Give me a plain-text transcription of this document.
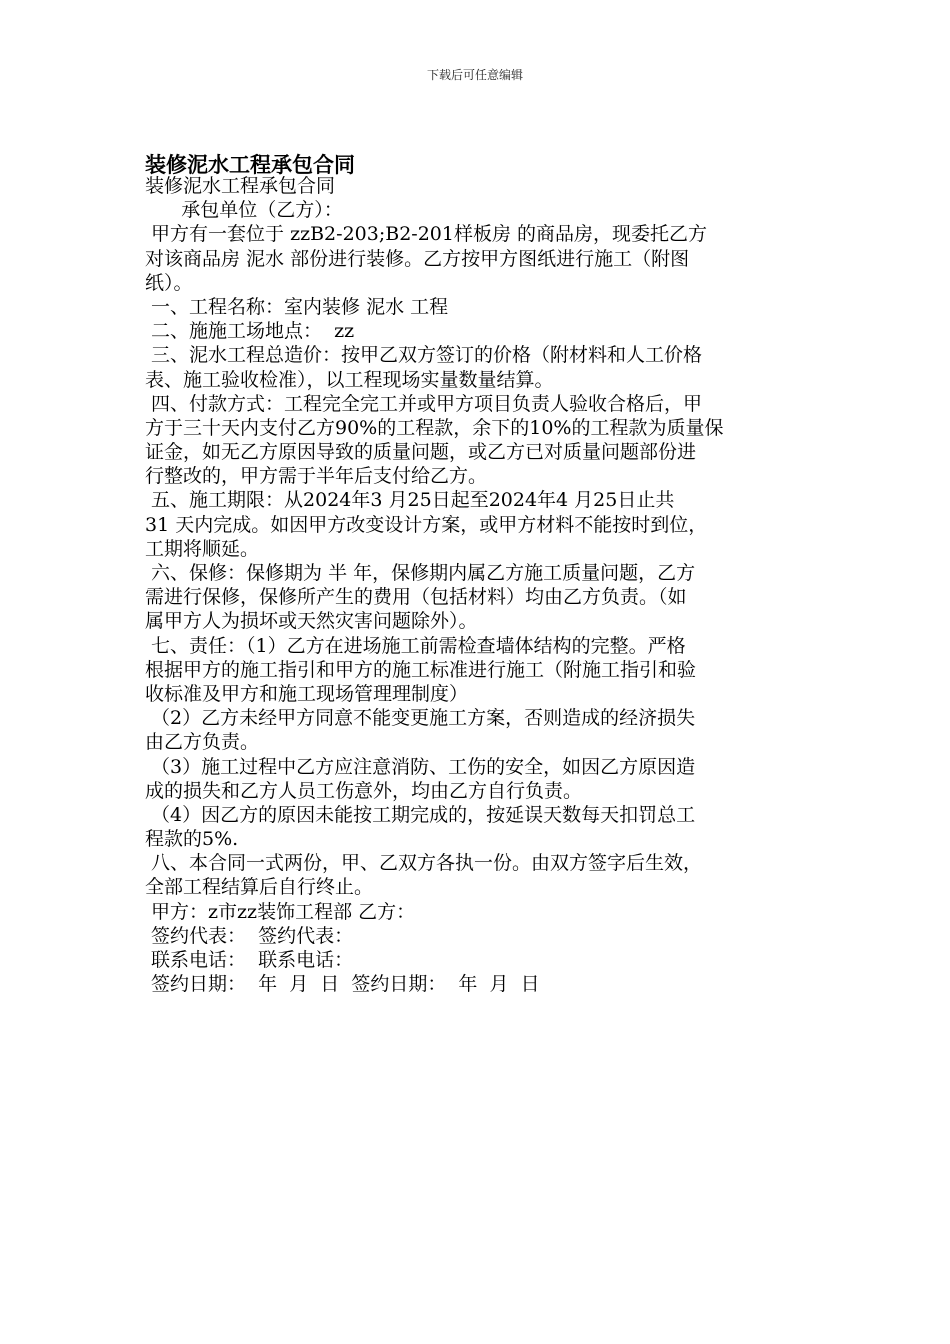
下载后可任意编辑
装修泥水工程承包合同
装修泥水工程承包合同
承包单位（乙方）：
甲方有一套位于 zzB2-203;B2-201样板房 的商品房，现委托乙方
对该商品房 泥水 部份进行装修。乙方按甲方图纸进行施工（附图
纸）。
一、工程名称：室内装修 泥水 工程
二、施施工场地点：  zz
三、泥水工程总造价：按甲乙双方签订的价格（附材料和人工价格
表、施工验收检准），以工程现场实量数量结算。
四、付款方式：工程完全完工并或甲方项目负责人验收合格后，甲
方于三十天内支付乙方90%的工程款，余下的10%的工程款为质量保
证金，如无乙方原因导致的质量问题，或乙方已对质量问题部份进
行整改的，甲方需于半年后支付给乙方。
五、施工期限：从2024年3 月25日起至2024年4 月25日止共
31 天内完成。如因甲方改变设计方案，或甲方材料不能按时到位，
工期将顺延。
六、保修：保修期为 半 年，保修期内属乙方施工质量问题，乙方
需进行保修，保修所产生的费用（包括材料）均由乙方负责。（如
属甲方人为损坏或天然灾害问题除外）。
七、责任：（1）乙方在进场施工前需检查墙体结构的完整。严格
根据甲方的施工指引和甲方的施工标准进行施工（附施工指引和验
收标准及甲方和施工现场管理理制度）
（2）乙方未经甲方同意不能变更施工方案，否则造成的经济损失
由乙方负责。
（3）施工过程中乙方应注意消防、工伤的安全，如因乙方原因造
成的损失和乙方人员工伤意外，均由乙方自行负责。
（4）因乙方的原因未能按工期完成的，按延误天数每天扣罚总工
程款的5%.
八、本合同一式两份，甲、乙双方各执一份。由双方签字后生效，
全部工程结算后自行终止。
甲方：z市zz装饰工程部 乙方：
签约代表：  签约代表：
联系电话：  联系电话：
签约日期：  年  月  日  签约日期：  年  月  日
